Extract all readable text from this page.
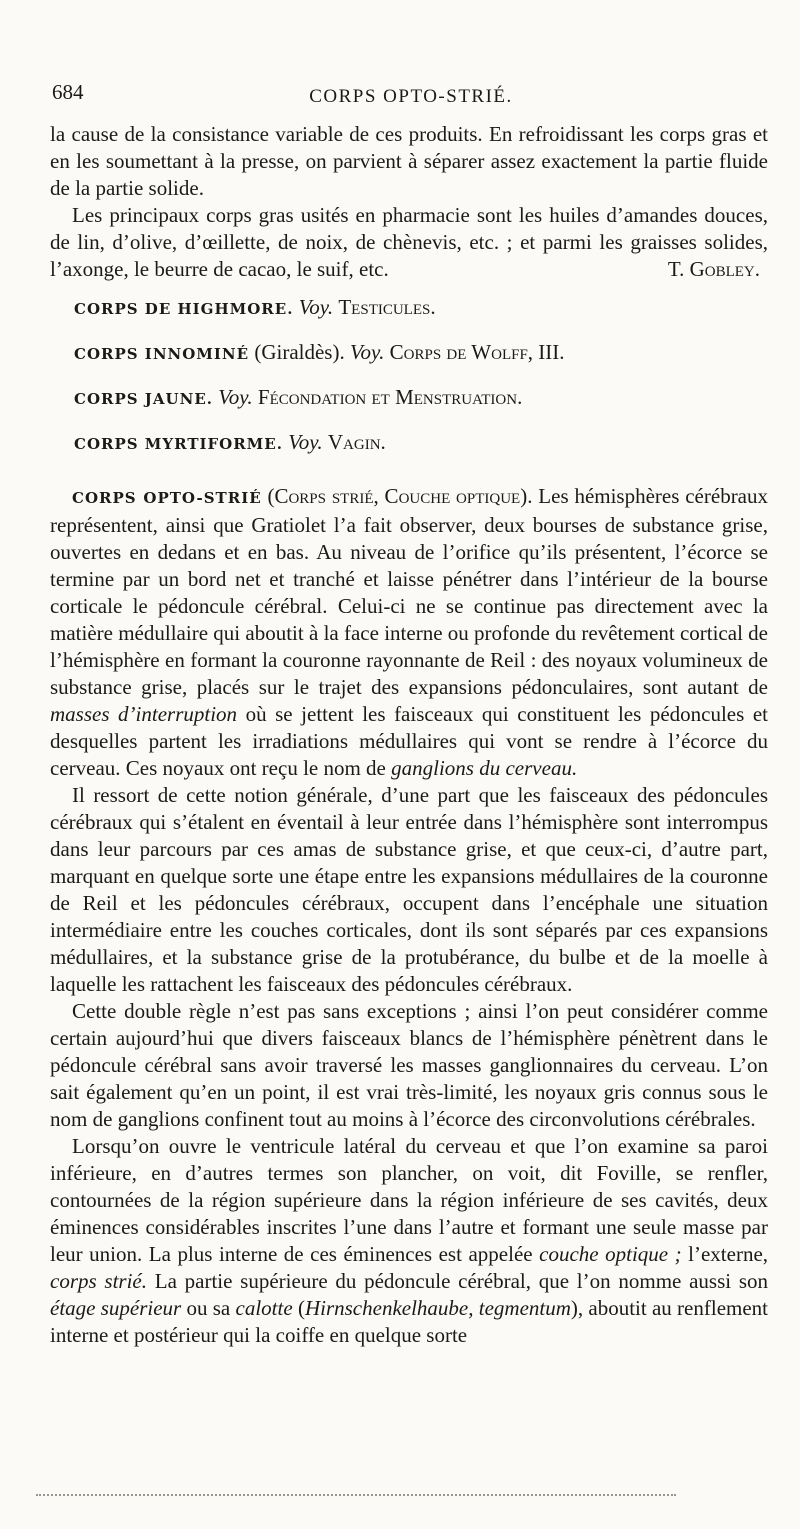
684	CORPS OPTO-STRIÉ.

la cause de la consistance variable de ces produits. En refroidissant les corps gras et en les soumettant à la presse, on parvient à séparer assez exactement la partie fluide de la partie solide.

Les principaux corps gras usités en pharmacie sont les huiles d’amandes douces, de lin, d’olive, d’œillette, de noix, de chènevis, etc. ; et parmi les graisses solides, l’axonge, le beurre de cacao, le suif, etc.	T. Gobley.

CORPS DE HIGHMORE. Voy. Testicules.
CORPS INNOMINÉ (Giraldès). Voy. Corps de Wolff, III.
CORPS JAUNE. Voy. Fécondation et Menstruation.
CORPS MYRTIFORME. Voy. Vagin.

CORPS OPTO-STRIÉ (Corps strié, Couche optique). Les hémisphères cérébraux représentent, ainsi que Gratiolet l’a fait observer, deux bourses de substance grise, ouvertes en dedans et en bas. Au niveau de l’orifice qu’ils présentent, l’écorce se termine par un bord net et tranché et laisse pénétrer dans l’intérieur de la bourse corticale le pédoncule cérébral. Celui-ci ne se continue pas directement avec la matière médullaire qui aboutit à la face interne ou profonde du revêtement cortical de l’hémisphère en formant la couronne rayonnante de Reil : des noyaux volumineux de substance grise, placés sur le trajet des expansions pédonculaires, sont autant de masses d’interruption où se jettent les faisceaux qui constituent les pédoncules et desquelles partent les irradiations médullaires qui vont se rendre à l’écorce du cerveau. Ces noyaux ont reçu le nom de ganglions du cerveau.

Il ressort de cette notion générale, d’une part que les faisceaux des pédoncules cérébraux qui s’étalent en éventail à leur entrée dans l’hémisphère sont interrompus dans leur parcours par ces amas de substance grise, et que ceux-ci, d’autre part, marquant en quelque sorte une étape entre les expansions médullaires de la couronne de Reil et les pédoncules cérébraux, occupent dans l’encéphale une situation intermédiaire entre les couches corticales, dont ils sont séparés par ces expansions médullaires, et la substance grise de la protubérance, du bulbe et de la moelle à laquelle les rattachent les faisceaux des pédoncules cérébraux.

Cette double règle n’est pas sans exceptions ; ainsi l’on peut considérer comme certain aujourd’hui que divers faisceaux blancs de l’hémisphère pénètrent dans le pédoncule cérébral sans avoir traversé les masses ganglionnaires du cerveau. L’on sait également qu’en un point, il est vrai très-limité, les noyaux gris connus sous le nom de ganglions confinent tout au moins à l’écorce des circonvolutions cérébrales.

Lorsqu’on ouvre le ventricule latéral du cerveau et que l’on examine sa paroi inférieure, en d’autres termes son plancher, on voit, dit Foville, se renfler, contournées de la région supérieure dans la région inférieure de ses cavités, deux éminences considérables inscrites l’une dans l’autre et formant une seule masse par leur union. La plus interne de ces éminences est appelée couche optique ; l’externe, corps strié. La partie supérieure du pédoncule cérébral, que l’on nomme aussi son étage supérieur ou sa calotte (Hirnschenkelhaube, tegmentum), aboutit au renflement interne et postérieur qui la coiffe en quelque sorte
